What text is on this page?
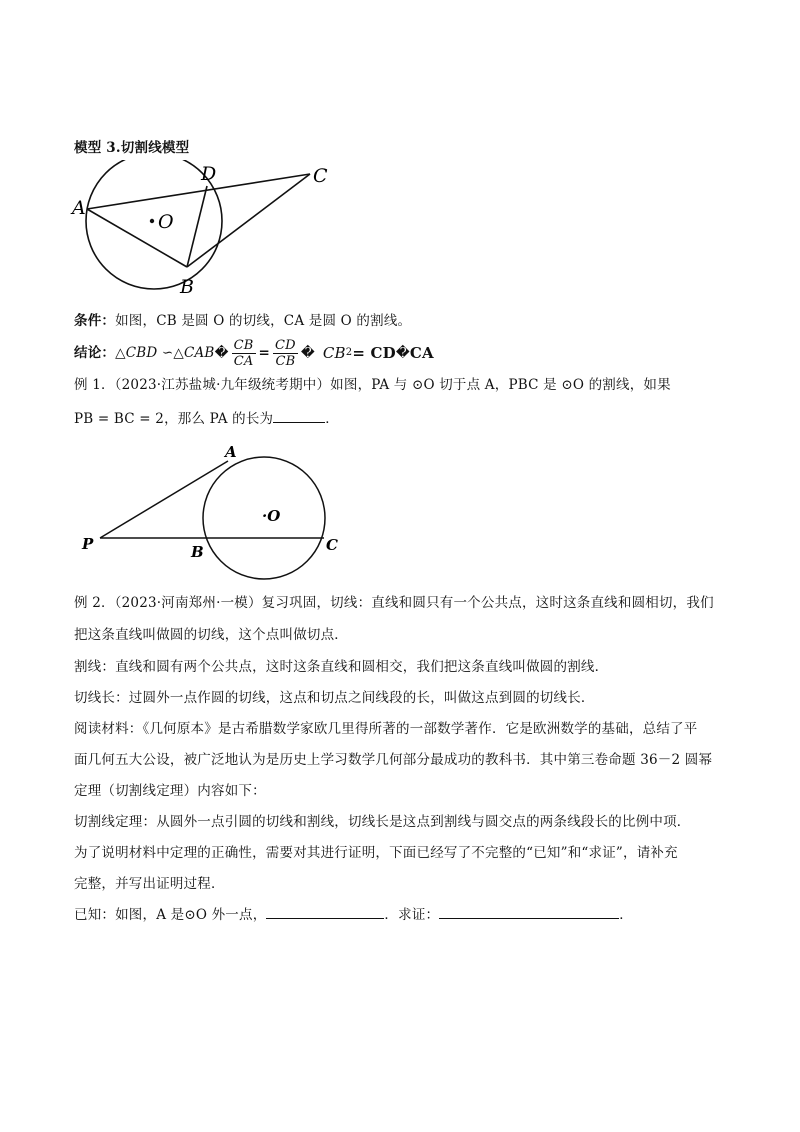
模型 3.切割线模型
A
D	C
O
B
条件：如图，CB 是圆 O 的切线，CA 是圆 O 的割线。
结论： △CBD ∽△CAB � $\frac{CB}{CA} = \frac{CD}{CB}$ � CB 2 = CD � CA
例 1．（2023·江苏盐城·九年级统考期中）如图，PA 与 ⊙O 切于点 A，PBC 是 ⊙O 的割线，如果
PB = BC = 2，那么 PA 的长为	．
A
·O
P	B	C
例 2．（2023·河南郑州·一模）复习巩固，切线：直线和圆只有一个公共点，这时这条直线和圆相切，我们
把这条直线叫做圆的切线，这个点叫做切点．
割线：直线和圆有两个公共点，这时这条直线和圆相交，我们把这条直线叫做圆的割线．
切线长：过圆外一点作圆的切线，这点和切点之间线段的长，叫做这点到圆的切线长．
阅读材料：《几何原本》是古希腊数学家欧几里得所著的一部数学著作．它是欧洲数学的基础，总结了平
面几何五大公设，被广泛地认为是历史上学习数学几何部分最成功的教科书．其中第三卷命题 36－2 圆幂
定理（切割线定理）内容如下：
切割线定理：从圆外一点引圆的切线和割线，切线长是这点到割线与圆交点的两条线段长的比例中项．
为了说明材料中定理的正确性，需要对其进行证明，下面已经写了不完整的“已知”和“求证”，请补充
完整，并写出证明过程．
已知：如图，A 是⊙O 外一点，	．求证：	．
